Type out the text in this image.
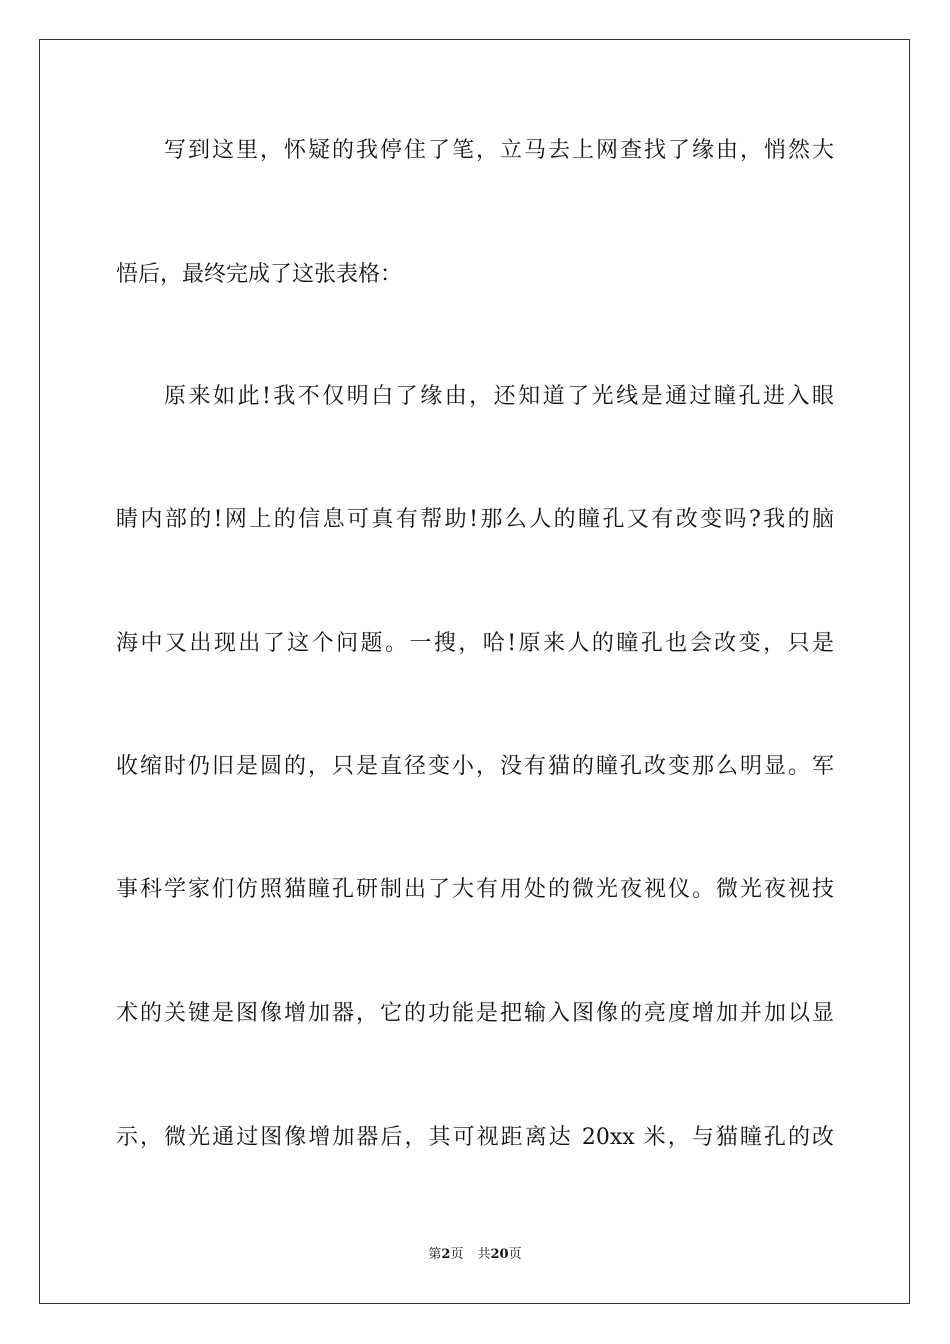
写到这里，怀疑的我停住了笔，立马去上网查找了缘由，悄然大
悟后，最终完成了这张表格：
原来如此!我不仅明白了缘由，还知道了光线是通过瞳孔进入眼
睛内部的!网上的信息可真有帮助!那么人的瞳孔又有改变吗?我的脑
海中又出现出了这个问题。一搜，哈!原来人的瞳孔也会改变，只是
收缩时仍旧是圆的，只是直径变小，没有猫的瞳孔改变那么明显。军
事科学家们仿照猫瞳孔研制出了大有用处的微光夜视仪。微光夜视技
术的关键是图像增加器，它的功能是把输入图像的亮度增加并加以显
示，微光通过图像增加器后，其可视距离达 20xx 米，与猫瞳孔的改
第2页 共20页
